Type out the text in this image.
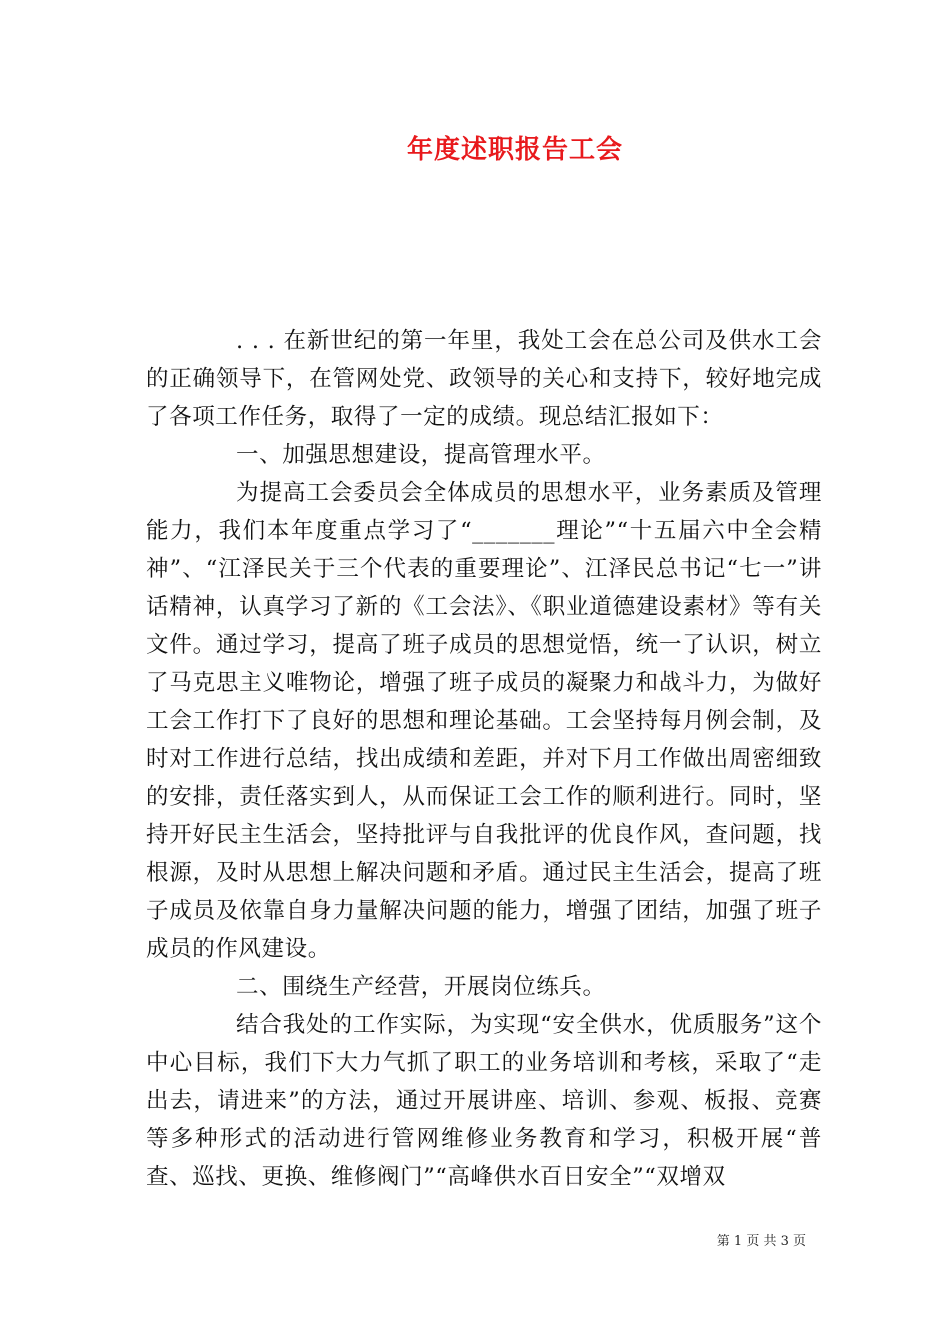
年度述职报告工会

. . . 在新世纪的第一年里，我处工会在总公司及供水工会的正确领导下，在管网处党、政领导的关心和支持下，较好地完成了各项工作任务，取得了一定的成绩。现总结汇报如下：

一、加强思想建设，提高管理水平。

为提高工会委员会全体成员的思想水平，业务素质及管理能力，我们本年度重点学习了“_______理论”“十五届六中全会精神”、“江泽民关于三个代表的重要理论”、江泽民总书记“七一”讲话精神，认真学习了新的《工会法》、《职业道德建设素材》等有关文件。通过学习，提高了班子成员的思想觉悟，统一了认识，树立了马克思主义唯物论，增强了班子成员的凝聚力和战斗力，为做好工会工作打下了良好的思想和理论基础。工会坚持每月例会制，及时对工作进行总结，找出成绩和差距，并对下月工作做出周密细致的安排，责任落实到人，从而保证工会工作的顺利进行。同时，坚持开好民主生活会，坚持批评与自我批评的优良作风，查问题，找根源，及时从思想上解决问题和矛盾。通过民主生活会，提高了班子成员及依靠自身力量解决问题的能力，增强了团结，加强了班子成员的作风建设。

二、围绕生产经营，开展岗位练兵。

结合我处的工作实际，为实现“安全供水，优质服务”这个中心目标，我们下大力气抓了职工的业务培训和考核，采取了“走出去，请进来”的方法，通过开展讲座、培训、参观、板报、竞赛等多种形式的活动进行管网维修业务教育和学习，积极开展“普查、巡找、更换、维修阀门”“高峰供水百日安全”“双增双

第 1 页 共 3 页
